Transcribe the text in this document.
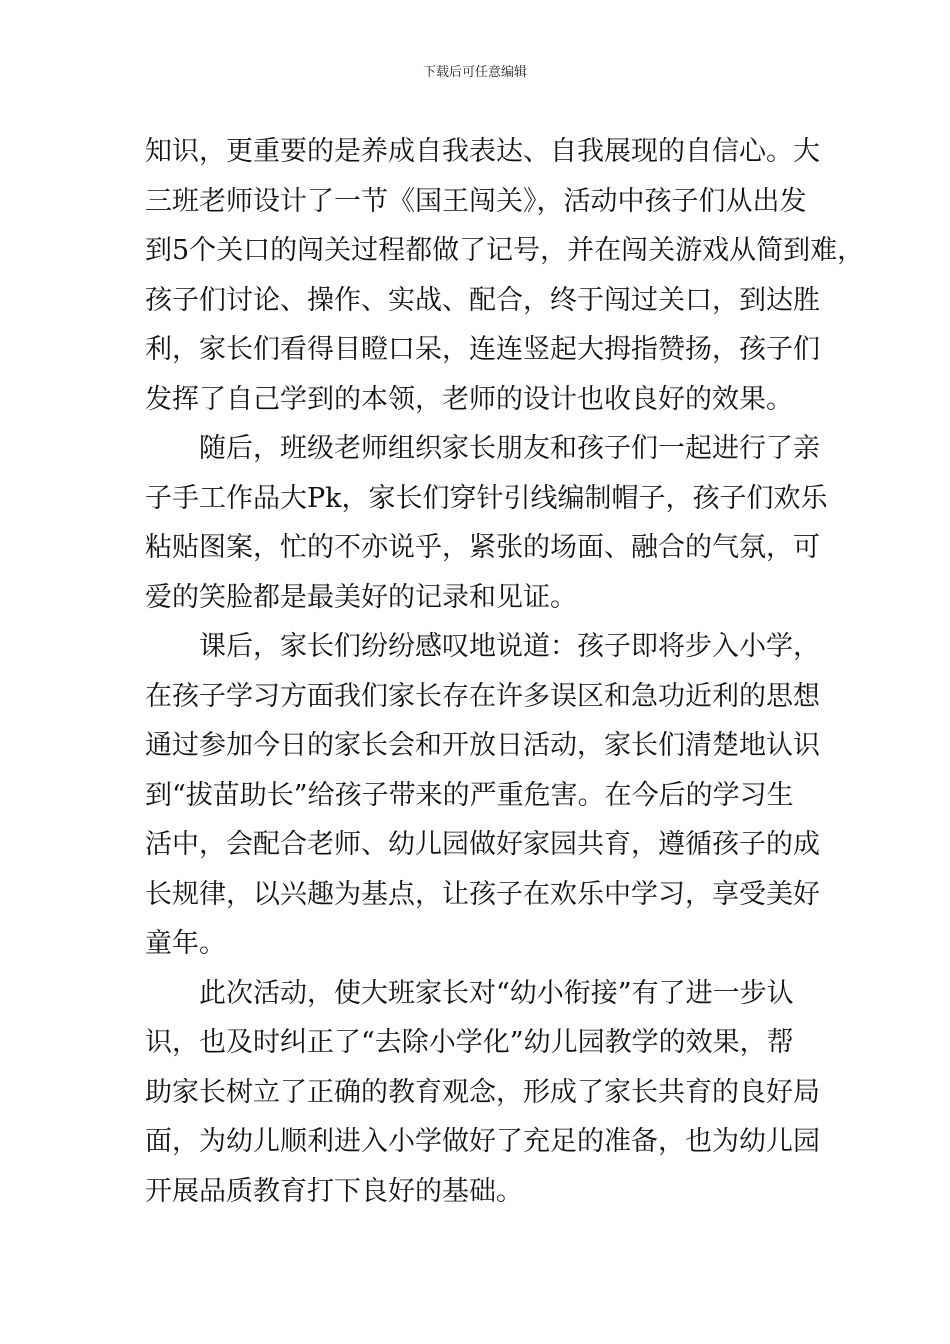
下载后可任意编辑
知识，更重要的是养成自我表达、自我展现的自信心。大
三班老师设计了一节《国王闯关》，活动中孩子们从出发
到5个关口的闯关过程都做了记号，并在闯关游戏从简到难，
孩子们讨论、操作、实战、配合，终于闯过关口，到达胜
利，家长们看得目瞪口呆，连连竖起大拇指赞扬，孩子们
发挥了自己学到的本领，老师的设计也收良好的效果。
　　随后，班级老师组织家长朋友和孩子们一起进行了亲
子手工作品大Pk，家长们穿针引线编制帽子，孩子们欢乐
粘贴图案，忙的不亦说乎，紧张的场面、融合的气氛，可
爱的笑脸都是最美好的记录和见证。
　　课后，家长们纷纷感叹地说道：孩子即将步入小学，
在孩子学习方面我们家长存在许多误区和急功近利的思想
通过参加今日的家长会和开放日活动，家长们清楚地认识
到“拔苗助长”给孩子带来的严重危害。在今后的学习生
活中，会配合老师、幼儿园做好家园共育，遵循孩子的成
长规律，以兴趣为基点，让孩子在欢乐中学习，享受美好
童年。
　　此次活动，使大班家长对“幼小衔接”有了进一步认
识，也及时纠正了“去除小学化”幼儿园教学的效果，帮
助家长树立了正确的教育观念，形成了家长共育的良好局
面，为幼儿顺利进入小学做好了充足的准备，也为幼儿园
开展品质教育打下良好的基础。
